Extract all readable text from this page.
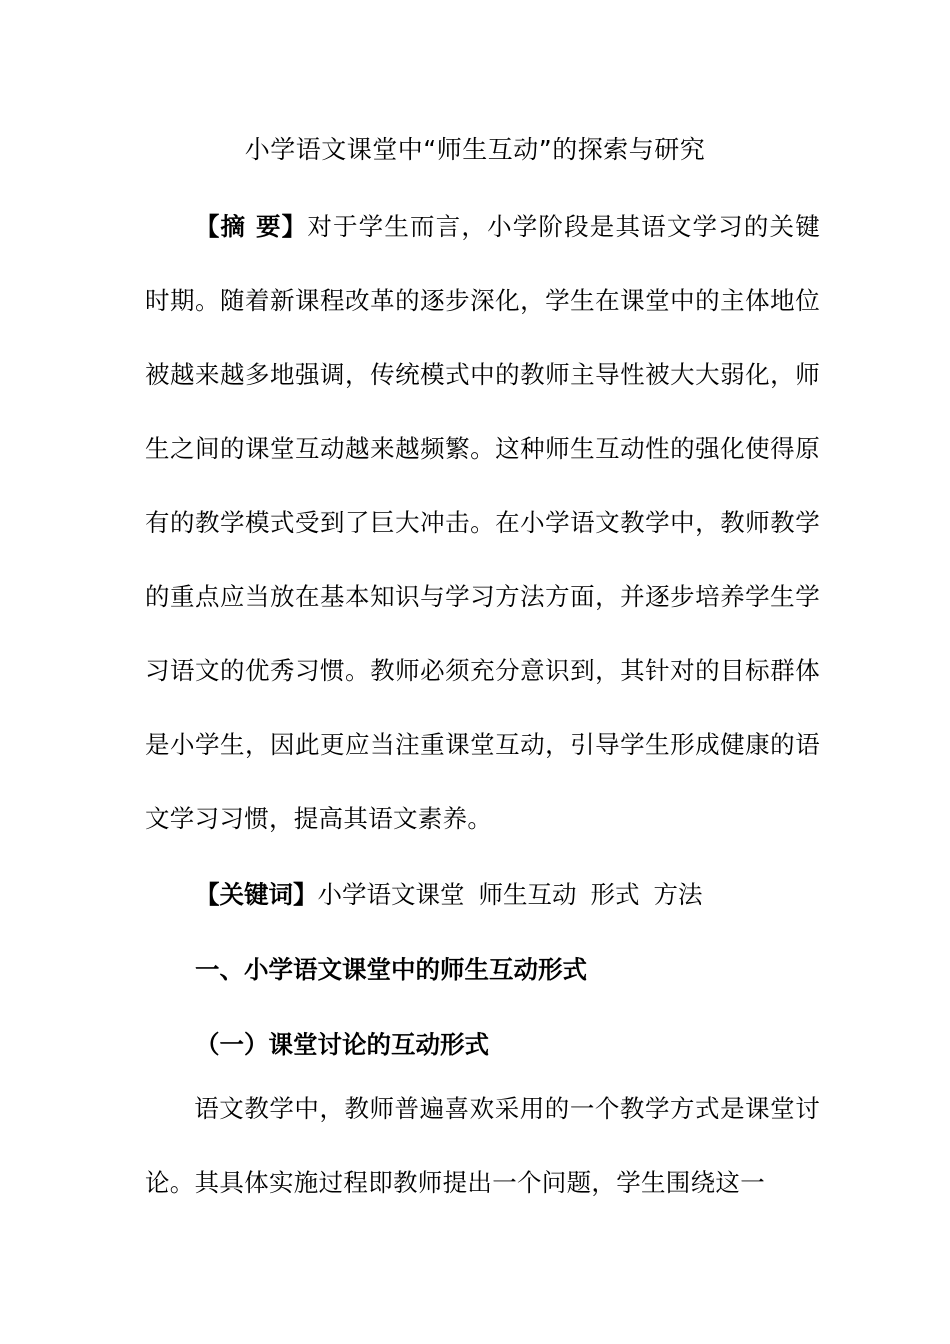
小学语文课堂中“师生互动”的探索与研究
【摘 要】对于学生而言，小学阶段是其语文学习的关键时期。随着新课程改革的逐步深化，学生在课堂中的主体地位被越来越多地强调，传统模式中的教师主导性被大大弱化，师生之间的课堂互动越来越频繁。这种师生互动性的强化使得原有的教学模式受到了巨大冲击。在小学语文教学中，教师教学的重点应当放在基本知识与学习方法方面，并逐步培养学生学习语文的优秀习惯。教师必须充分意识到，其针对的目标群体是小学生，因此更应当注重课堂互动，引导学生形成健康的语文学习习惯，提高其语文素养。
【关键词】小学语文课堂 师生互动 形式 方法
一、小学语文课堂中的师生互动形式
（一）课堂讨论的互动形式
语文教学中，教师普遍喜欢采用的一个教学方式是课堂讨论。其具体实施过程即教师提出一个问题，学生围绕这一
